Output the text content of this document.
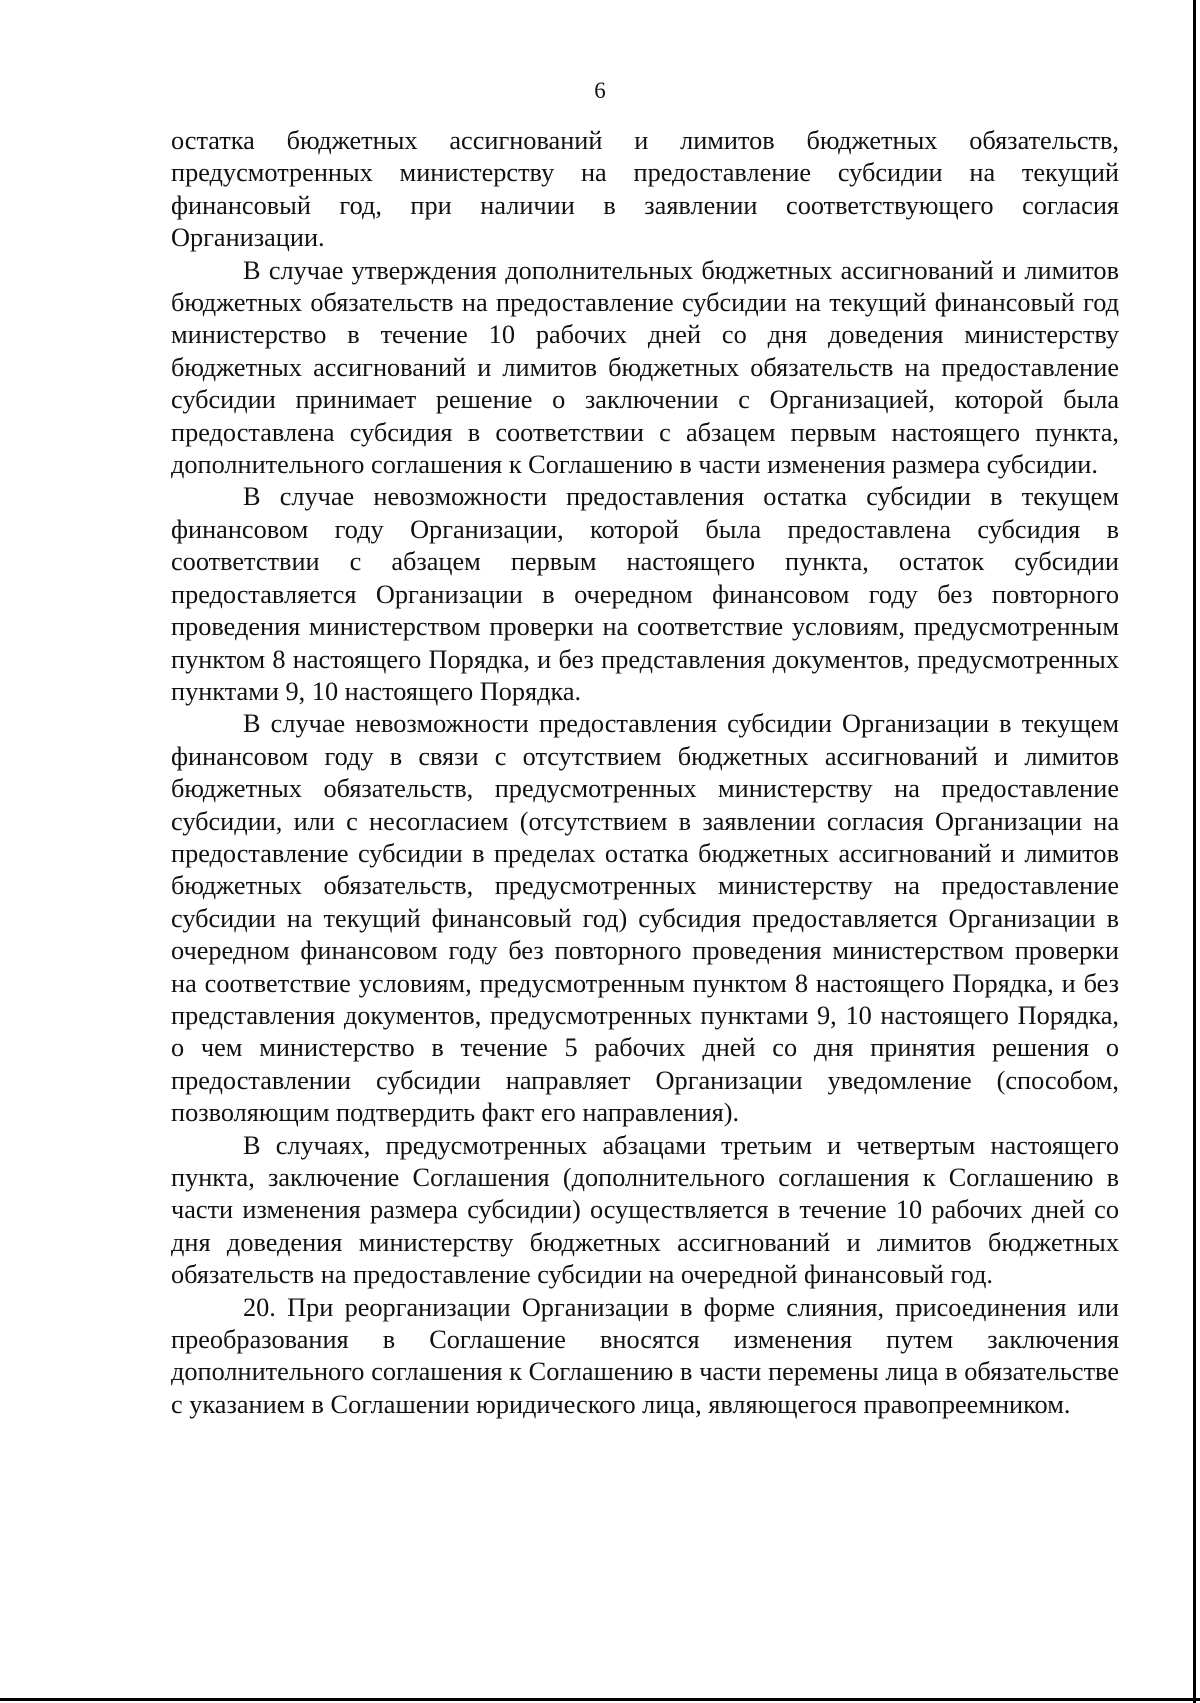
6

остатка бюджетных ассигнований и лимитов бюджетных обязательств, предусмотренных министерству на предоставление субсидии на текущий финансовый год, при наличии в заявлении соответствующего согласия Организации.

В случае утверждения дополнительных бюджетных ассигнований и лимитов бюджетных обязательств на предоставление субсидии на текущий финансовый год министерство в течение 10 рабочих дней со дня доведения министерству бюджетных ассигнований и лимитов бюджетных обязательств на предоставление субсидии принимает решение о заключении с Организацией, которой была предоставлена субсидия в соответствии с абзацем первым настоящего пункта, дополнительного соглашения к Соглашению в части изменения размера субсидии.

В случае невозможности предоставления остатка субсидии в текущем финансовом году Организации, которой была предоставлена субсидия в соответствии с абзацем первым настоящего пункта, остаток субсидии предоставляется Организации в очередном финансовом году без повторного проведения министерством проверки на соответствие условиям, предусмотренным пунктом 8 настоящего Порядка, и без представления документов, предусмотренных пунктами 9, 10 настоящего Порядка.

В случае невозможности предоставления субсидии Организации в текущем финансовом году в связи с отсутствием бюджетных ассигнований и лимитов бюджетных обязательств, предусмотренных министерству на предоставление субсидии, или с несогласием (отсутствием в заявлении согласия Организации на предоставление субсидии в пределах остатка бюджетных ассигнований и лимитов бюджетных обязательств, предусмотренных министерству на предоставление субсидии на текущий финансовый год) субсидия предоставляется Организации в очередном финансовом году без повторного проведения министерством проверки на соответствие условиям, предусмотренным пунктом 8 настоящего Порядка, и без представления документов, предусмотренных пунктами 9, 10 настоящего Порядка, о чем министерство в течение 5 рабочих дней со дня принятия решения о предоставлении субсидии направляет Организации уведомление (способом, позволяющим подтвердить факт его направления).

В случаях, предусмотренных абзацами третьим и четвертым настоящего пункта, заключение Соглашения (дополнительного соглашения к Соглашению в части изменения размера субсидии) осуществляется в течение 10 рабочих дней со дня доведения министерству бюджетных ассигнований и лимитов бюджетных обязательств на предоставление субсидии на очередной финансовый год.

20. При реорганизации Организации в форме слияния, присоединения или преобразования в Соглашение вносятся изменения путем заключения дополнительного соглашения к Соглашению в части перемены лица в обязательстве с указанием в Соглашении юридического лица, являющегося правопреемником.
